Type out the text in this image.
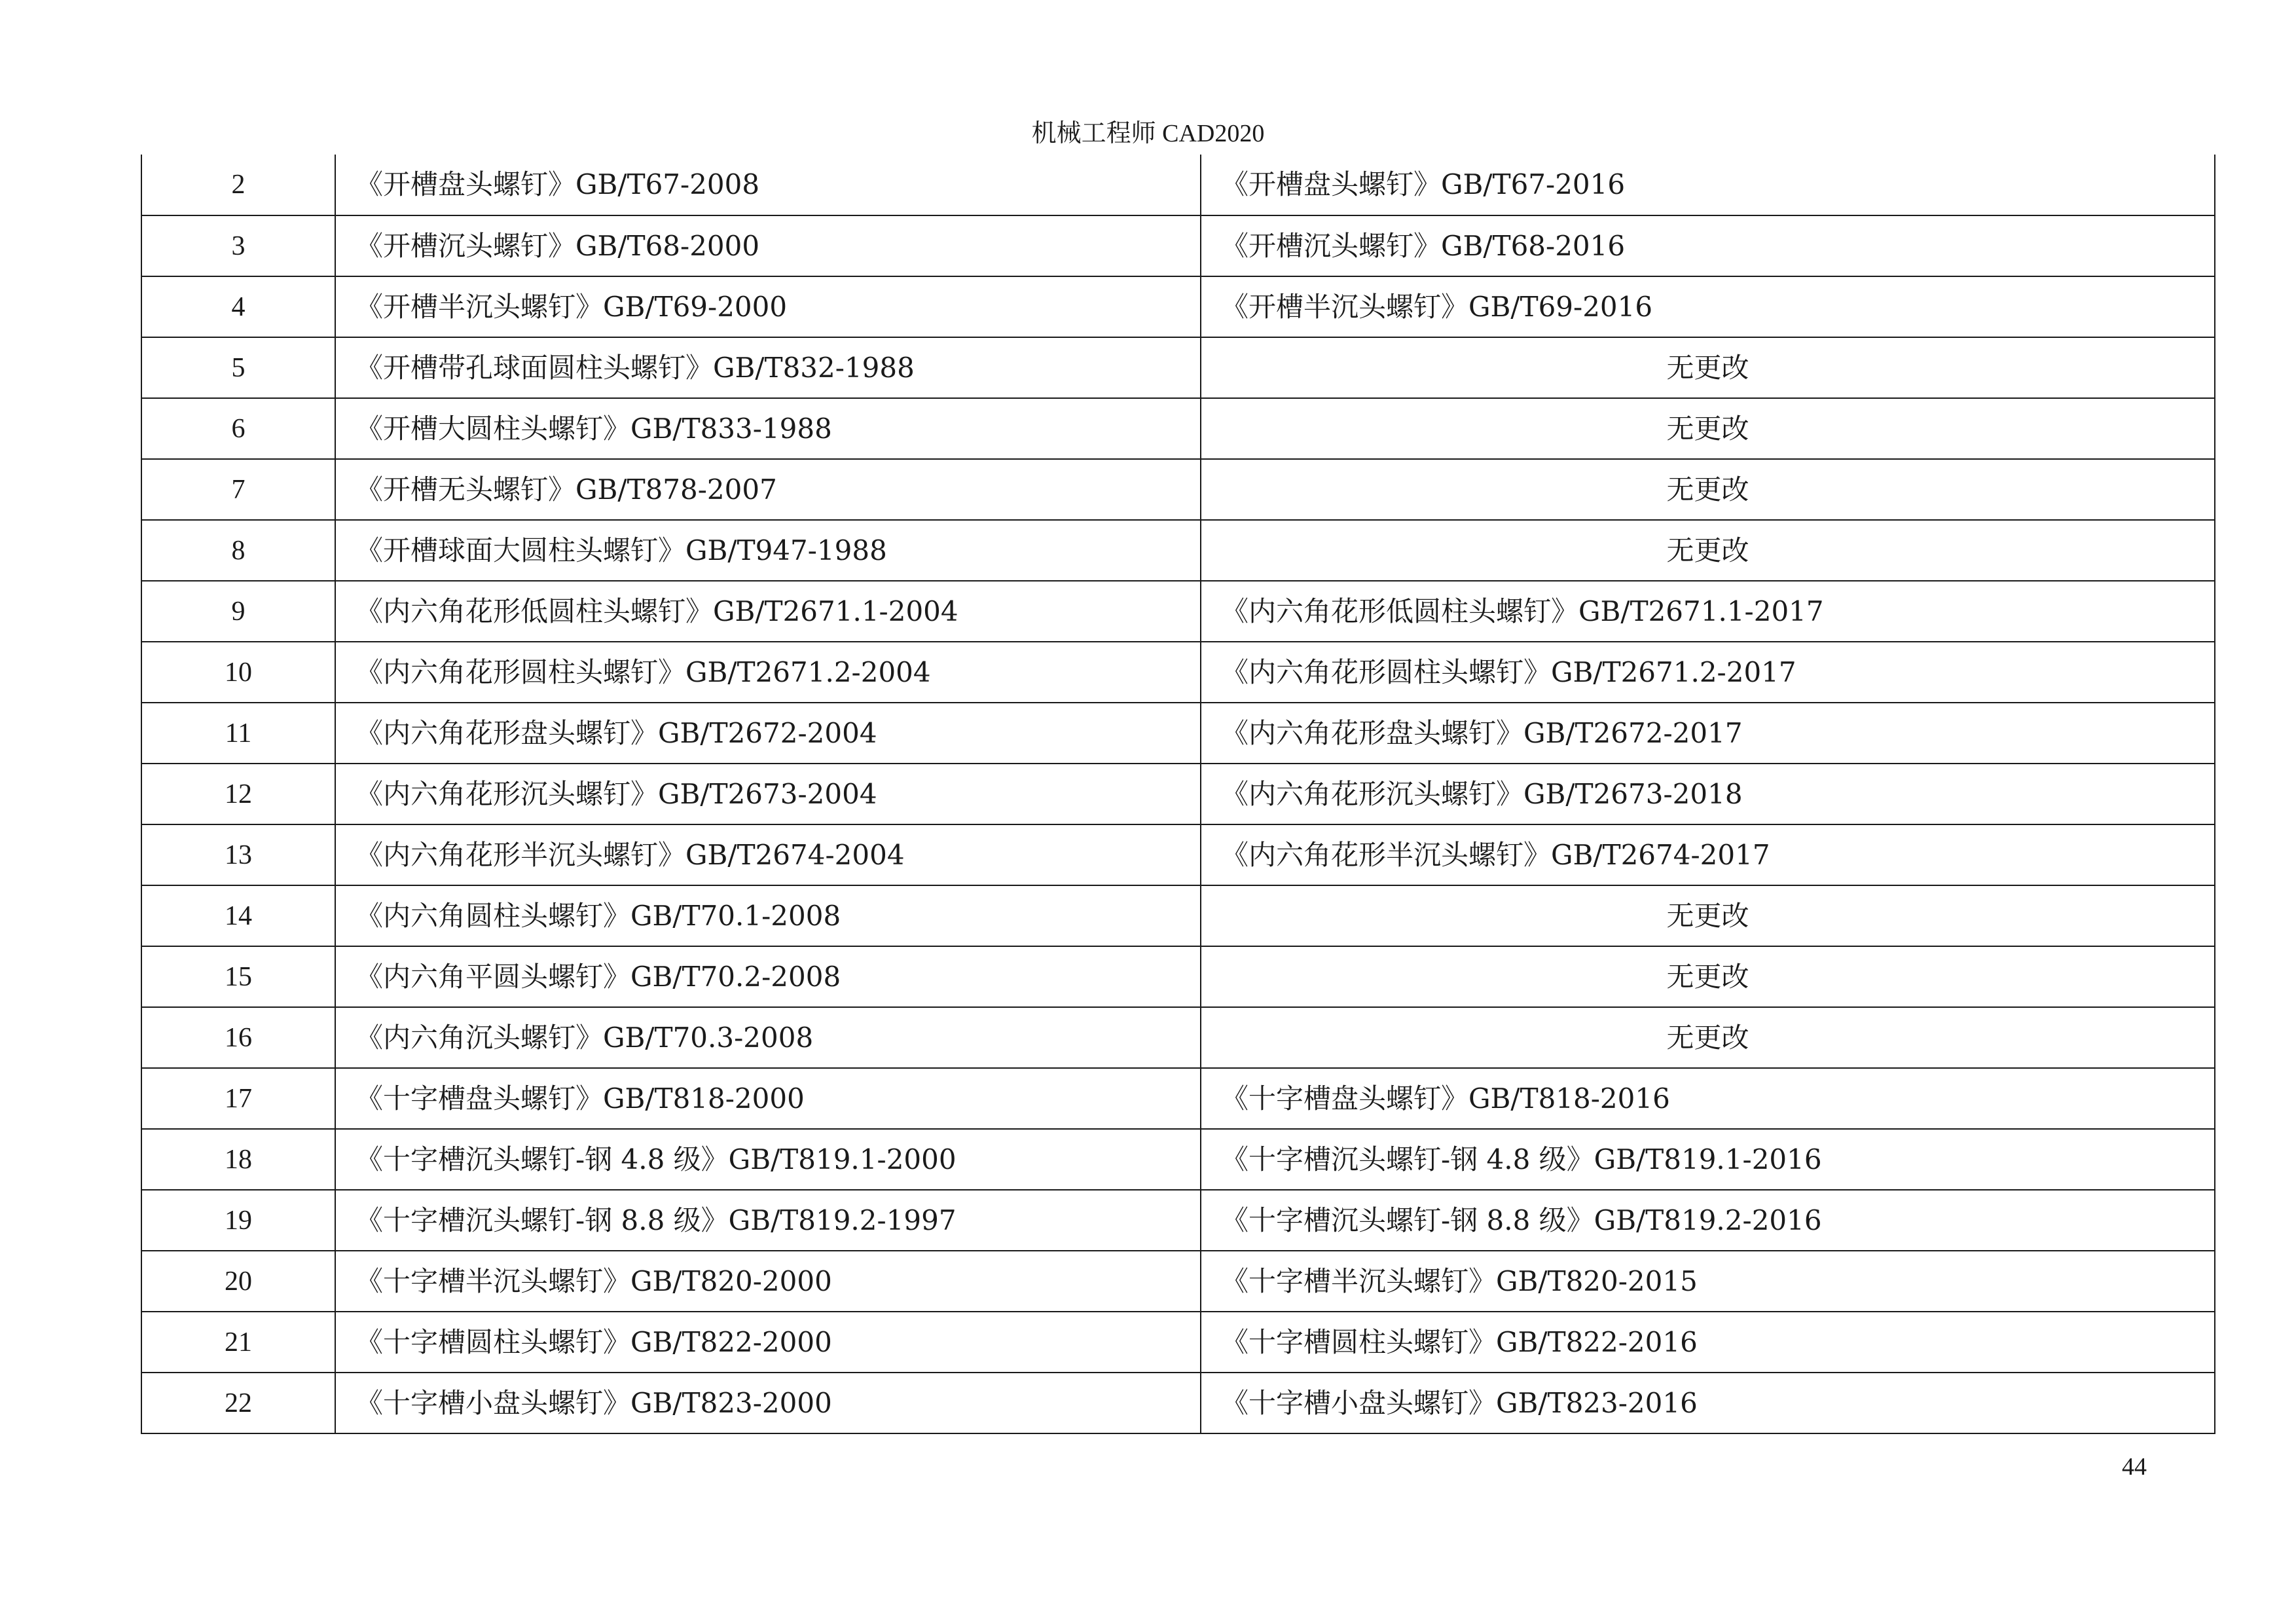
机械工程师 CAD2020
2	《开槽盘头螺钉》GB/T67-2008	《开槽盘头螺钉》GB/T67-2016
3	《开槽沉头螺钉》GB/T68-2000	《开槽沉头螺钉》GB/T68-2016
4	《开槽半沉头螺钉》GB/T69-2000	《开槽半沉头螺钉》GB/T69-2016
5	《开槽带孔球面圆柱头螺钉》GB/T832-1988	无更改
6	《开槽大圆柱头螺钉》GB/T833-1988	无更改
7	《开槽无头螺钉》GB/T878-2007	无更改
8	《开槽球面大圆柱头螺钉》GB/T947-1988	无更改
9	《内六角花形低圆柱头螺钉》GB/T2671.1-2004	《内六角花形低圆柱头螺钉》GB/T2671.1-2017
10	《内六角花形圆柱头螺钉》GB/T2671.2-2004	《内六角花形圆柱头螺钉》GB/T2671.2-2017
11	《内六角花形盘头螺钉》GB/T2672-2004	《内六角花形盘头螺钉》GB/T2672-2017
12	《内六角花形沉头螺钉》GB/T2673-2004	《内六角花形沉头螺钉》GB/T2673-2018
13	《内六角花形半沉头螺钉》GB/T2674-2004	《内六角花形半沉头螺钉》GB/T2674-2017
14	《内六角圆柱头螺钉》GB/T70.1-2008	无更改
15	《内六角平圆头螺钉》GB/T70.2-2008	无更改
16	《内六角沉头螺钉》GB/T70.3-2008	无更改
17	《十字槽盘头螺钉》GB/T818-2000	《十字槽盘头螺钉》GB/T818-2016
18	《十字槽沉头螺钉-钢 4.8 级》GB/T819.1-2000	《十字槽沉头螺钉-钢 4.8 级》GB/T819.1-2016
19	《十字槽沉头螺钉-钢 8.8 级》GB/T819.2-1997	《十字槽沉头螺钉-钢 8.8 级》GB/T819.2-2016
20	《十字槽半沉头螺钉》GB/T820-2000	《十字槽半沉头螺钉》GB/T820-2015
21	《十字槽圆柱头螺钉》GB/T822-2000	《十字槽圆柱头螺钉》GB/T822-2016
22	《十字槽小盘头螺钉》GB/T823-2000	《十字槽小盘头螺钉》GB/T823-2016
44
